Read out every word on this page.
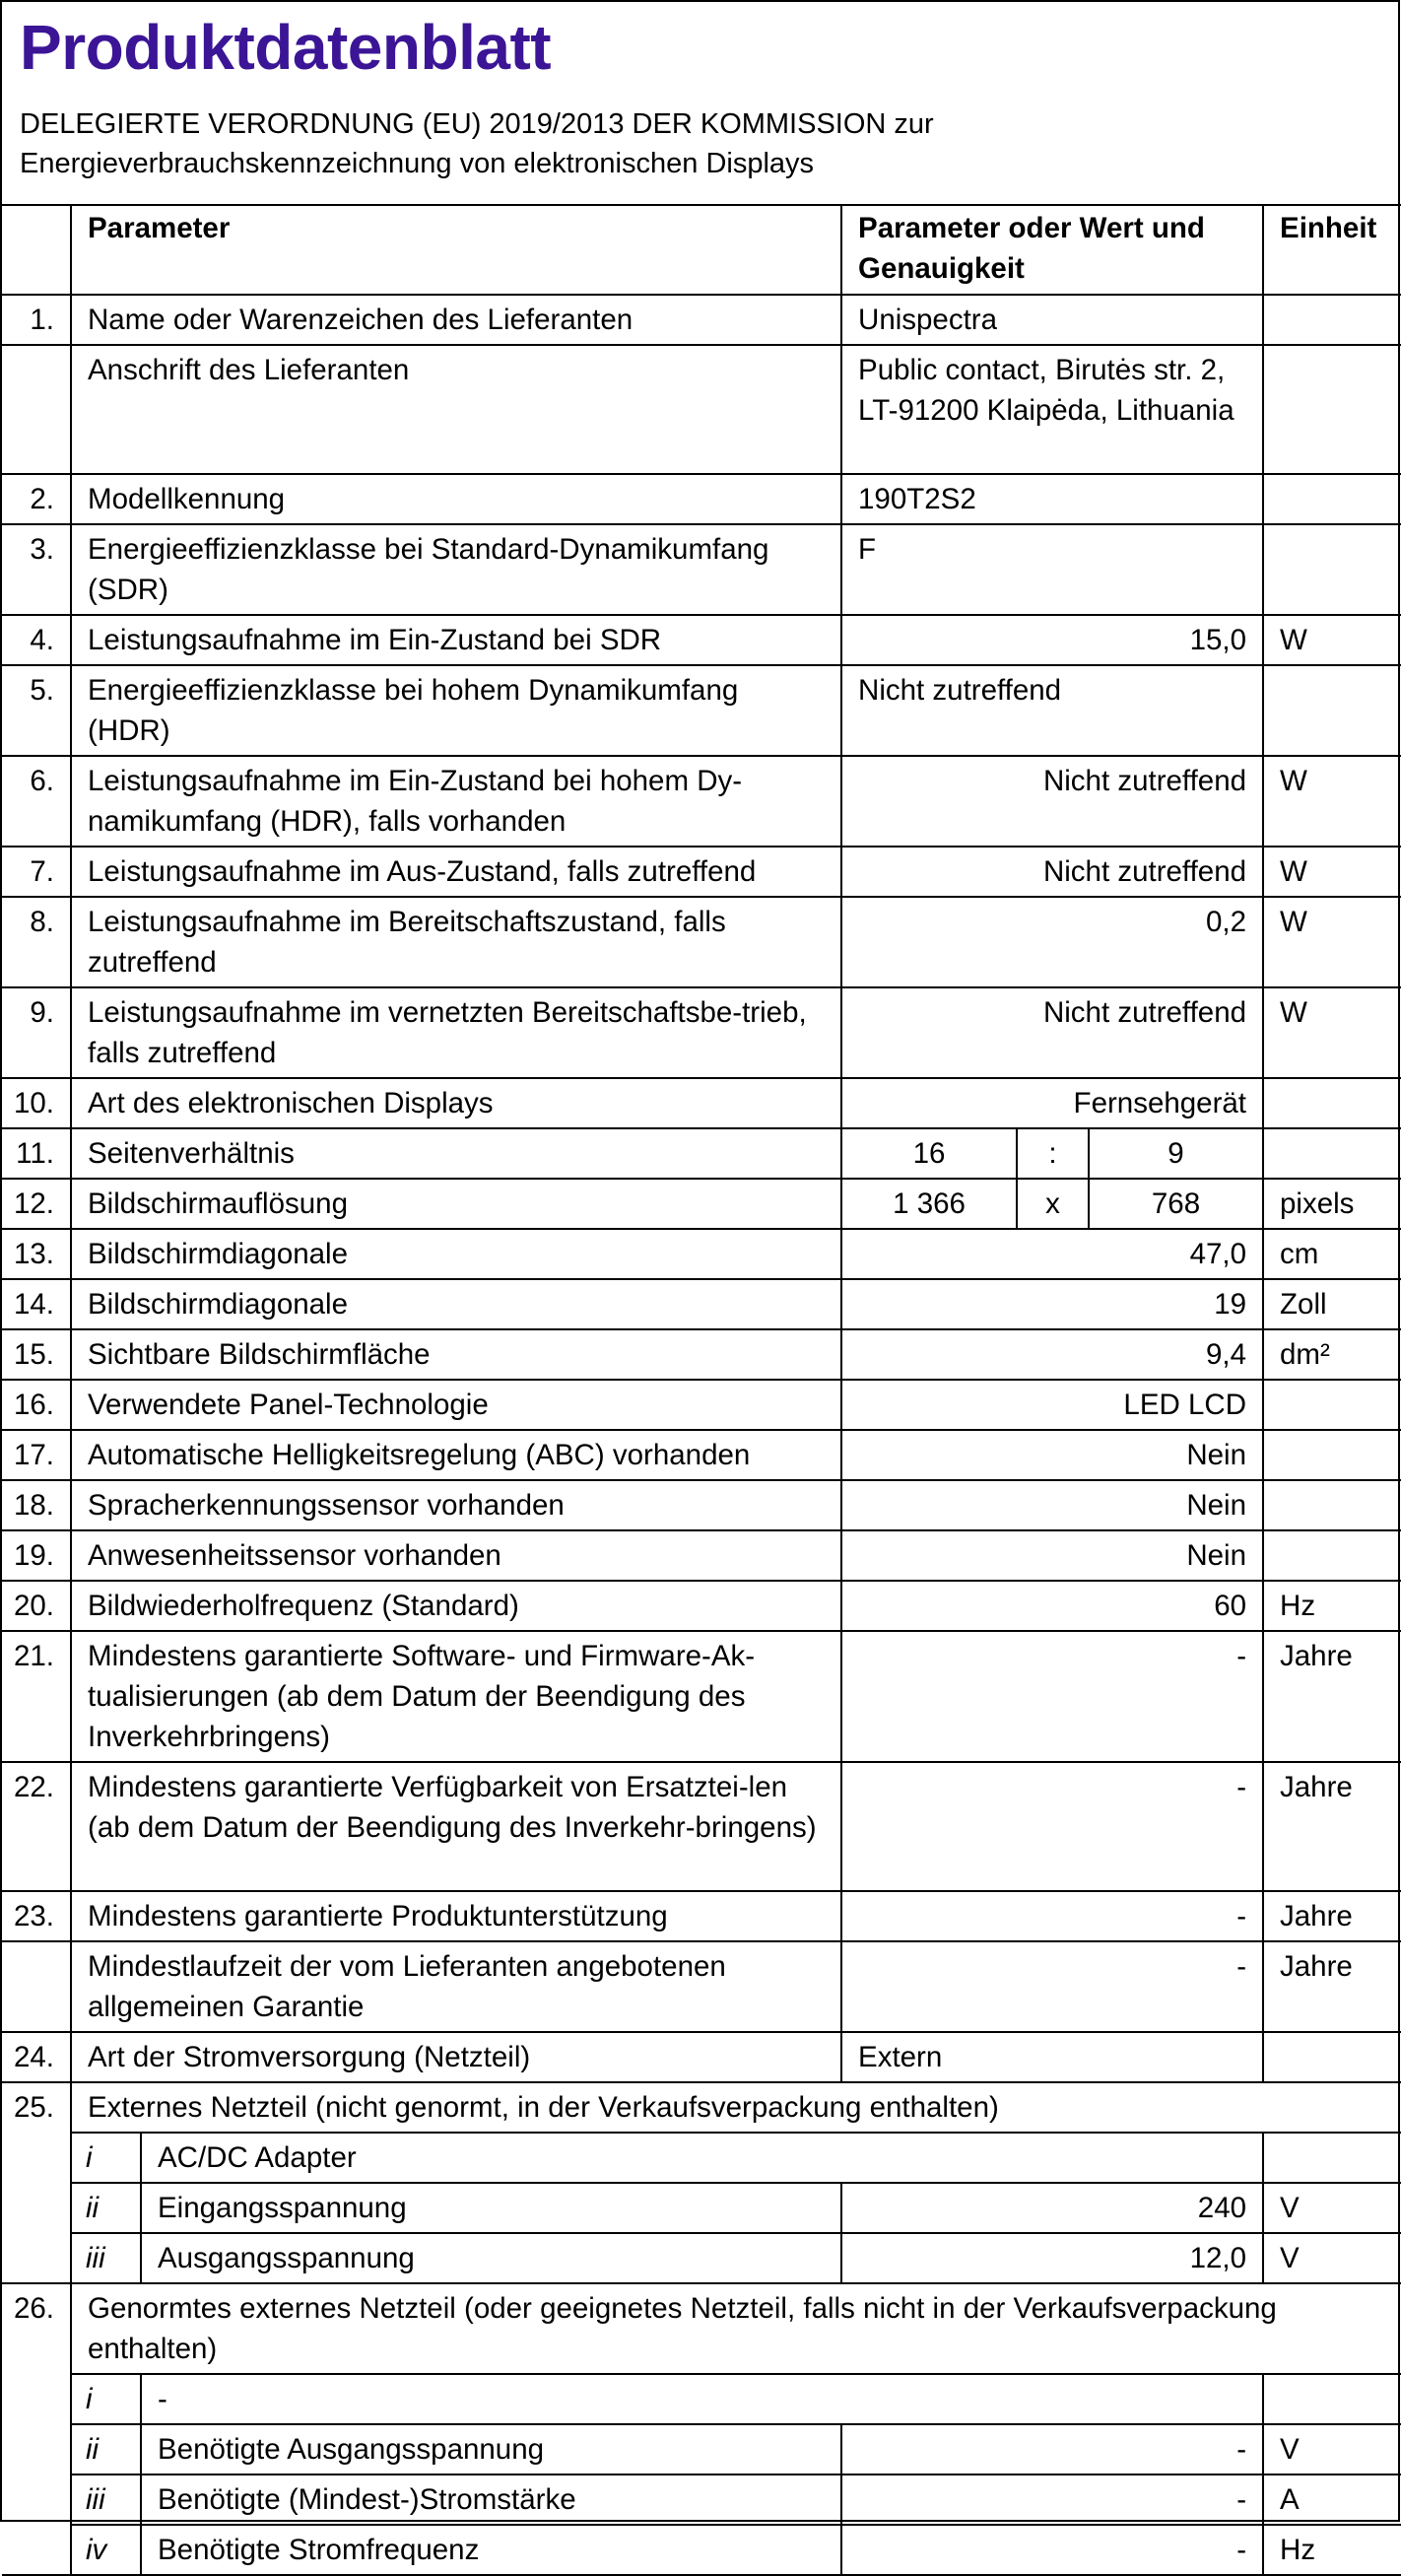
Produktdatenblatt
DELEGIERTE VERORDNUNG (EU) 2019/2013 DER KOMMISSION zur
Energieverbrauchskennzeichnung von elektronischen Displays
	Parameter		Parameter oder Wert und Genauigkeit			Einheit
1.	Name oder Warenzeichen des Lieferanten		Unispectra			
	Anschrift des Lieferanten		Public contact, Birutės str. 2, LT-91200 Klaipėda, Lithuania			
2.	Modellkennung		190T2S2			
3.	Energieeffizienzklasse bei Standard-Dynamikumfang (SDR)		F			
4.	Leistungsaufnahme im Ein-Zustand bei SDR		15,0			W
5.	Energieeffizienzklasse bei hohem Dynamikumfang (HDR)		Nicht zutreffend			
6.	Leistungsaufnahme im Ein-Zustand bei hohem Dy-namikumfang (HDR), falls vorhanden		Nicht zutreffend			W
7.	Leistungsaufnahme im Aus-Zustand, falls zutreffend		Nicht zutreffend			W
8.	Leistungsaufnahme im Bereitschaftszustand, falls zutreffend		0,2			W
9.	Leistungsaufnahme im vernetzten Bereitschaftsbe-trieb, falls zutreffend		Nicht zutreffend			W
10.	Art des elektronischen Displays		Fernsehgerät			
11.	Seitenverhältnis		16	:	9	
12.	Bildschirmauflösung		1 366	x	768	pixels
13.	Bildschirmdiagonale		47,0			cm
14.	Bildschirmdiagonale		19			Zoll
15.	Sichtbare Bildschirmfläche		9,4			dm²
16.	Verwendete Panel-Technologie		LED LCD			
17.	Automatische Helligkeitsregelung (ABC) vorhanden		Nein			
18.	Spracherkennungssensor vorhanden		Nein			
19.	Anwesenheitssensor vorhanden		Nein			
20.	Bildwiederholfrequenz (Standard)		60			Hz
21.	Mindestens garantierte Software- und Firmware-Ak-tualisierungen (ab dem Datum der Beendigung des Inverkehrbringens)		-			Jahre
22.	Mindestens garantierte Verfügbarkeit von Ersatztei-len (ab dem Datum der Beendigung des Inverkehr-bringens)		-			Jahre
23.	Mindestens garantierte Produktunterstützung		-			Jahre
	Mindestlaufzeit der vom Lieferanten angebotenen allgemeinen Garantie		-			Jahre
24.	Art der Stromversorgung (Netzteil)		Extern			
25.	Externes Netzteil (nicht genormt, in der Verkaufsverpackung enthalten)					
	i	AC/DC Adapter				
	ii	Eingangsspannung	240			V
	iii	Ausgangsspannung	12,0			V
26.	Genormtes externes Netzteil (oder geeignetes Netzteil, falls nicht in der Verkaufsverpackung enthalten)					
	i	-				
	ii	Benötigte Ausgangsspannung	-			V
	iii	Benötigte (Mindest-)Stromstärke	-			A
	iv	Benötigte Stromfrequenz	-			Hz
